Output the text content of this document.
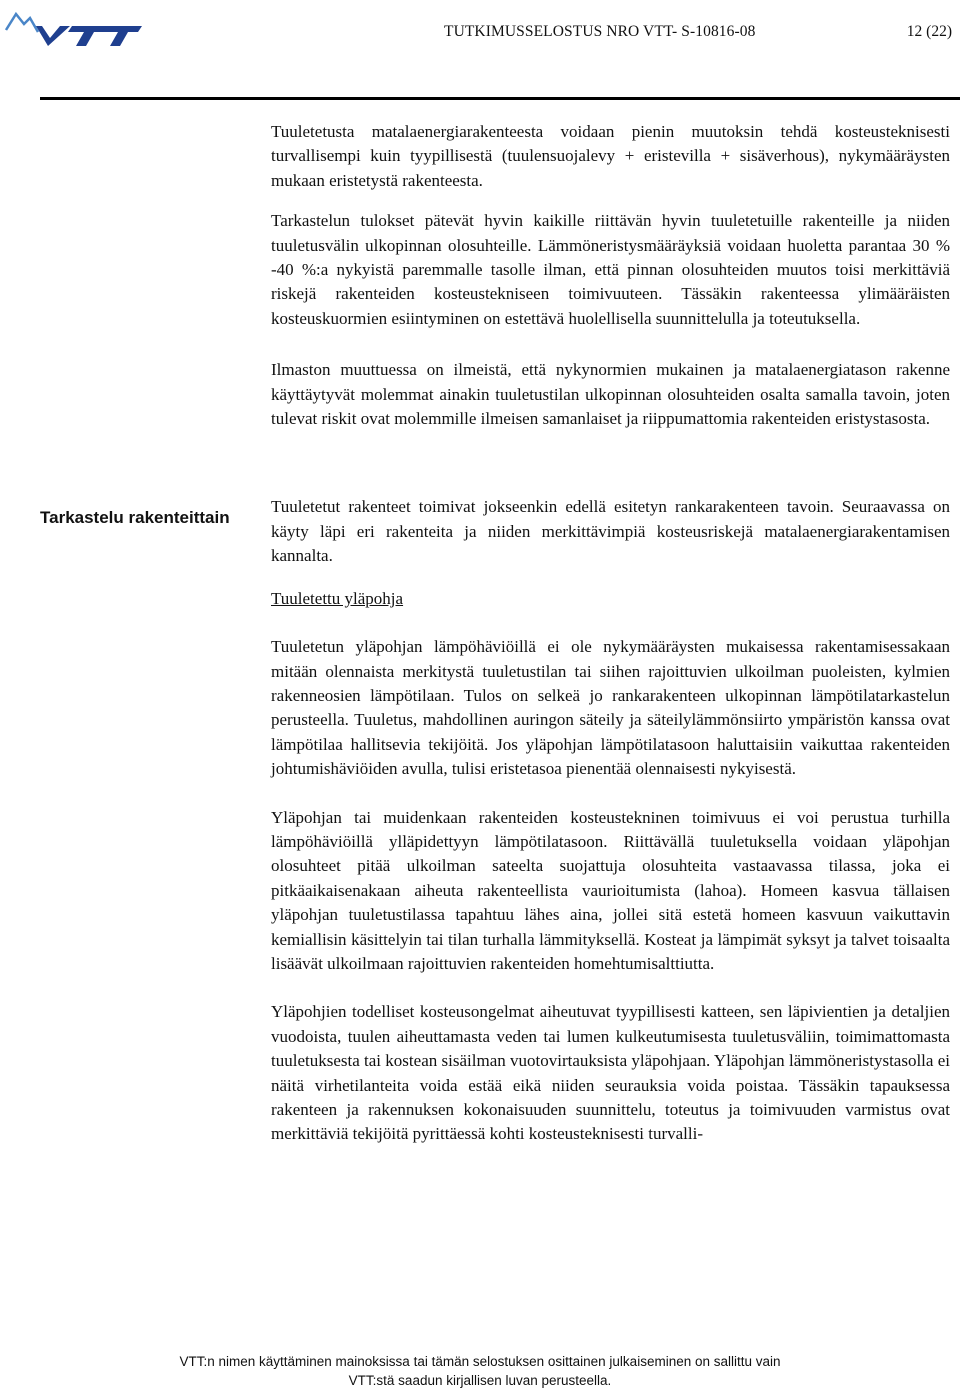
TUTKIMUSSELOSTUS NRO VTT- S-10816-08	12 (22)
Tarkastelu rakenteittain

Tuuletetusta matalaenergiarakenteesta voidaan pienin muutoksin tehdä kosteusteknisesti turvallisempi kuin tyypillisestä (tuulensuojalevy + eristevilla + sisäverhous), nykymääräysten mukaan eristetystä rakenteesta.

Tarkastelun tulokset pätevät hyvin kaikille riittävän hyvin tuuletetuille rakenteille ja niiden tuuletusvälin ulkopinnan olosuhteille. Lämmöneristysmääräyksiä voidaan huoletta parantaa 30 % -40 %:a nykyistä paremmalle tasolle ilman, että pinnan olosuhteiden muutos toisi merkittäviä riskejä rakenteiden kosteustekniseen toimivuuteen. Tässäkin rakenteessa ylimääräisten kosteuskuormien esiintyminen on estettävä huolellisella suunnittelulla ja toteutuksella.

Ilmaston muuttuessa on ilmeistä, että nykynormien mukainen ja matalaenergiatason rakenne käyttäytyvät molemmat ainakin tuuletustilan ulkopinnan olosuhteiden osalta samalla tavoin, joten tulevat riskit ovat molemmille ilmeisen samanlaiset ja riippumattomia rakenteiden eristystasosta.

Tuuletetut rakenteet toimivat jokseenkin edellä esitetyn rankarakenteen tavoin. Seuraavassa on käyty läpi eri rakenteita ja niiden merkittävimpiä kosteusriskejä matalaenergiarakentamisen kannalta.

Tuuletettu yläpohja

Tuuletetun yläpohjan lämpöhäviöillä ei ole nykymääräysten mukaisessa rakentamisessakaan mitään olennaista merkitystä tuuletustilan tai siihen rajoittuvien ulkoilman puoleisten, kylmien rakenneosien lämpötilaan. Tulos on selkeä jo rankarakenteen ulkopinnan lämpötilatarkastelun perusteella. Tuuletus, mahdollinen auringon säteily ja säteilylämmönsiirto ympäristön kanssa ovat lämpötilaa hallitsevia tekijöitä. Jos yläpohjan lämpötilatasoon haluttaisiin vaikuttaa rakenteiden johtumishäviöiden avulla, tulisi eristetasoa pienentää olennaisesti nykyisestä.

Yläpohjan tai muidenkaan rakenteiden kosteustekninen toimivuus ei voi perustua turhilla lämpöhäviöillä ylläpidettyyn lämpötilatasoon. Riittävällä tuuletuksella voidaan yläpohjan olosuhteet pitää ulkoilman sateelta suojattuja olosuhteita vastaavassa tilassa, joka ei pitkäaikaisenakaan aiheuta rakenteellista vaurioitumista (lahoa). Homeen kasvua tällaisen yläpohjan tuuletustilassa tapahtuu lähes aina, jollei sitä estetä homeen kasvuun vaikuttavin kemiallisin käsittelyin tai tilan turhalla lämmityksellä. Kosteat ja lämpimät syksyt ja talvet toisaalta lisäävät ulkoilmaan rajoittuvien rakenteiden homehtumisalttiutta.

Yläpohjien todelliset kosteusongelmat aiheutuvat tyypillisesti katteen, sen läpivientien ja detaljien vuodoista, tuulen aiheuttamasta veden tai lumen kulkeutumisesta tuuletusväliin, toimimattomasta tuuletuksesta tai kostean sisäilman vuotovirtauksista yläpohjaan. Yläpohjan lämmöneristystasolla ei näitä virhetilanteita voida estää eikä niiden seurauksia voida poistaa. Tässäkin tapauksessa rakenteen ja rakennuksen kokonaisuuden suunnittelu, toteutus ja toimivuuden varmistus ovat merkittäviä tekijöitä pyrittäessä kohti kosteusteknisesti turvalli-

VTT:n nimen käyttäminen mainoksissa tai tämän selostuksen osittainen julkaiseminen on sallittu vain
VTT:stä saadun kirjallisen luvan perusteella.
